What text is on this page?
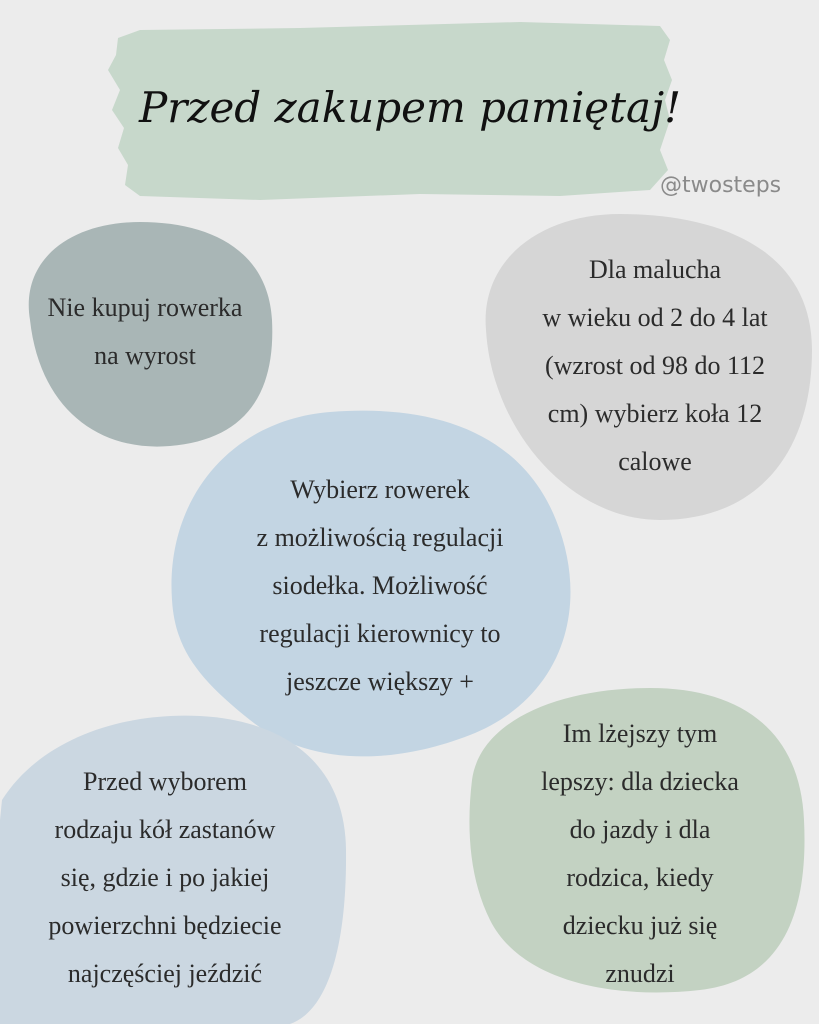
Przed zakupem pamiętaj!
@twosteps
Nie kupuj rowerka
na wyrost
Dla malucha
w wieku od 2 do 4 lat
(wzrost od 98 do 112
cm) wybierz koła 12
calowe
Wybierz rowerek
z możliwością regulacji
siodełka. Możliwość
regulacji kierownicy to
jeszcze większy +
Przed wyborem
rodzaju kół zastanów
się, gdzie i po jakiej
powierzchni będziecie
najczęściej jeździć
Im lżejszy tym
lepszy: dla dziecka
do jazdy i dla
rodzica, kiedy
dziecku już się
znudzi
